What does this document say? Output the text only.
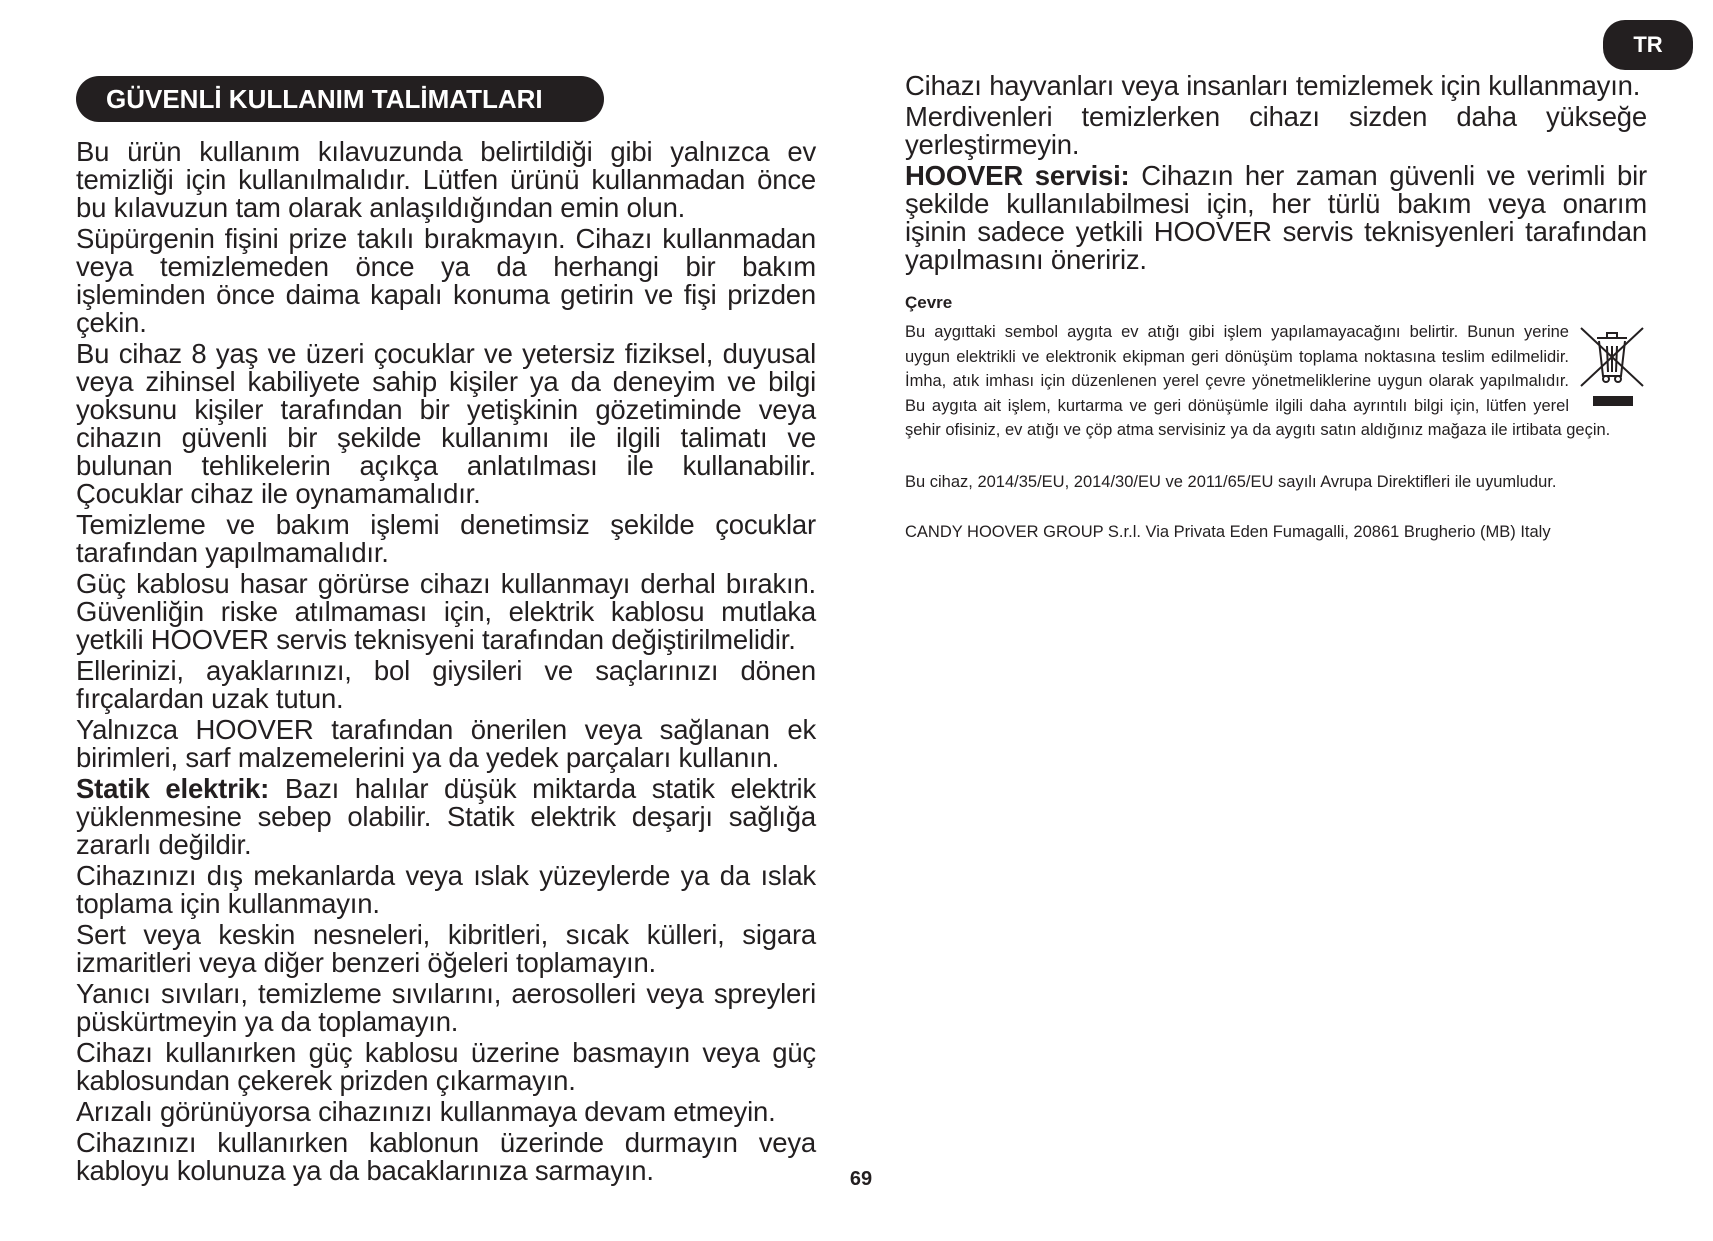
TR
GÜVENLİ KULLANIM TALİMATLARI

Bu ürün kullanım kılavuzunda belirtildiği gibi yalnızca ev temizliği için kullanılmalıdır. Lütfen ürünü kullanmadan önce bu kılavuzun tam olarak anlaşıldığından emin olun.

Süpürgenin fişini prize takılı bırakmayın. Cihazı kullanmadan veya temizlemeden önce ya da herhangi bir bakım işleminden önce daima kapalı konuma getirin ve fişi prizden çekin.

Bu cihaz 8 yaş ve üzeri çocuklar ve yetersiz fiziksel, duyusal veya zihinsel kabiliyete sahip kişiler ya da deneyim ve bilgi yoksunu kişiler tarafından bir yetişkinin gözetiminde veya cihazın güvenli bir şekilde kullanımı ile ilgili talimatı ve bulunan tehlikelerin açıkça anlatılması ile kullanabilir. Çocuklar cihaz ile oynamamalıdır.

Temizleme ve bakım işlemi denetimsiz şekilde çocuklar tarafından yapılmamalıdır.

Güç kablosu hasar görürse cihazı kullanmayı derhal bırakın. Güvenliğin riske atılmaması için, elektrik kablosu mutlaka yetkili HOOVER servis teknisyeni tarafından değiştirilmelidir.

Ellerinizi, ayaklarınızı, bol giysileri ve saçlarınızı dönen fırçalardan uzak tutun.

Yalnızca HOOVER tarafından önerilen veya sağlanan ek birimleri, sarf malzemelerini ya da yedek parçaları kullanın.

Statik elektrik: Bazı halılar düşük miktarda statik elektrik yüklenmesine sebep olabilir. Statik elektrik deşarjı sağlığa zararlı değildir.

Cihazınızı dış mekanlarda veya ıslak yüzeylerde ya da ıslak toplama için kullanmayın.

Sert veya keskin nesneleri, kibritleri, sıcak külleri, sigara izmaritleri veya diğer benzeri öğeleri toplamayın.

Yanıcı sıvıları, temizleme sıvılarını, aerosolleri veya spreyleri püskürtmeyin ya da toplamayın.

Cihazı kullanırken güç kablosu üzerine basmayın veya güç kablosundan çekerek prizden çıkarmayın.

Arızalı görünüyorsa cihazınızı kullanmaya devam etmeyin.

Cihazınızı kullanırken kablonun üzerinde durmayın veya kabloyu kolunuza ya da bacaklarınıza sarmayın.

Cihazı hayvanları veya insanları temizlemek için kullanmayın.

Merdivenleri temizlerken cihazı sizden daha yükseğe yerleştirmeyin.

HOOVER servisi: Cihazın her zaman güvenli ve verimli bir şekilde kullanılabilmesi için, her türlü bakım veya onarım işinin sadece yetkili HOOVER servis teknisyenleri tarafından yapılmasını öneririz.

Çevre

Bu aygıttaki sembol aygıta ev atığı gibi işlem yapılamayacağını belirtir. Bunun yerine uygun elektrikli ve elektronik ekipman geri dönüşüm toplama noktasına teslim edilmelidir. İmha, atık imhası için düzenlenen yerel çevre yönetmeliklerine uygun olarak yapılmalıdır. Bu aygıta ait işlem, kurtarma ve geri dönüşümle ilgili daha ayrıntılı bilgi için, lütfen yerel şehir ofisiniz, ev atığı ve çöp atma servisiniz ya da aygıtı satın aldığınız mağaza ile irtibata geçin.

Bu cihaz, 2014/35/EU, 2014/30/EU ve 2011/65/EU sayılı Avrupa Direktifleri ile uyumludur.

CANDY HOOVER GROUP S.r.l. Via Privata Eden Fumagalli, 20861 Brugherio (MB) Italy

69
